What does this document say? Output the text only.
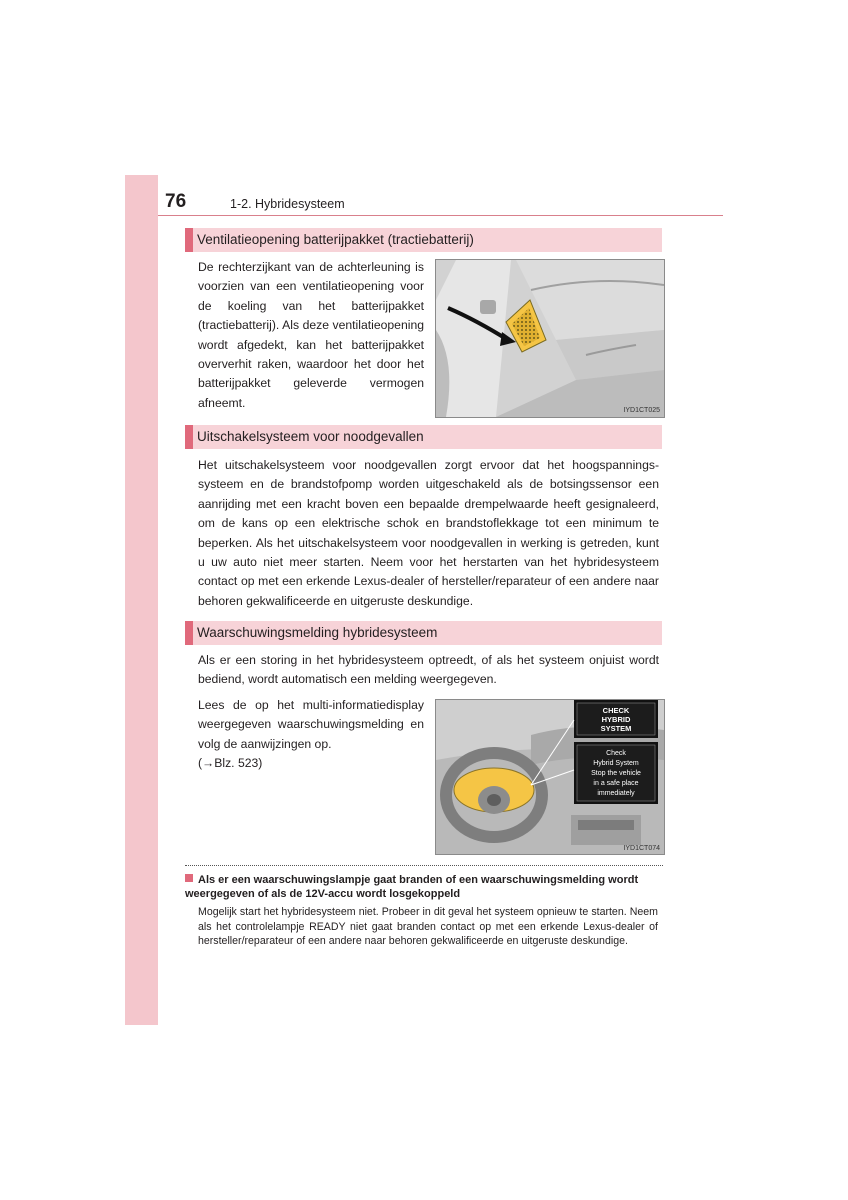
76	1-2. Hybridesysteem
Ventilatieopening batterijpakket (tractiebatterij)

De rechterzijkant van de achterleuning is voorzien van een ventilatieopening voor de koeling van het batterijpakket (tractiebatterij). Als deze ventilatieopening wordt afgedekt, kan het batterijpakket oververhit raken, waardoor het door het batterijpakket geleverde vermogen afneemt.

IYD1CT025
Uitschakelsysteem voor noodgevallen

Het uitschakelsysteem voor noodgevallen zorgt ervoor dat het hoogspanningssysteem en de brandstofpomp worden uitgeschakeld als de botsingssensor een aanrijding met een kracht boven een bepaalde drempelwaarde heeft gesignaleerd, om de kans op een elektrische schok en brandstoflekkage tot een minimum te beperken. Als het uitschakelsysteem voor noodgevallen in werking is getreden, kunt u uw auto niet meer starten. Neem voor het herstarten van het hybridesysteem contact op met een erkende Lexus-dealer of hersteller/reparateur of een andere naar behoren gekwalificeerde en uitgeruste deskundige.

Waarschuwingsmelding hybridesysteem

Als er een storing in het hybridesysteem optreedt, of als het systeem onjuist wordt bediend, wordt automatisch een melding weergegeven.

Lees de op het multi-informatiedisplay weergegeven waarschuwingsmelding en volg de aanwijzingen op.

(→Blz. 523)

CHECK
HYBRID
SYSTEM
Check
Hybrid System
Stop the vehicle
in a safe place
immediately
IYD1CT074
Als er een waarschuwingslampje gaat branden of een waarschuwingsmelding wordt weergegeven of als de 12V-accu wordt losgekoppeld
Mogelijk start het hybridesysteem niet. Probeer in dit geval het systeem opnieuw te starten. Neem als het controlelampje READY niet gaat branden contact op met een erkende Lexus-dealer of hersteller/reparateur of een andere naar behoren gekwalificeerde en uitgeruste deskundige.
